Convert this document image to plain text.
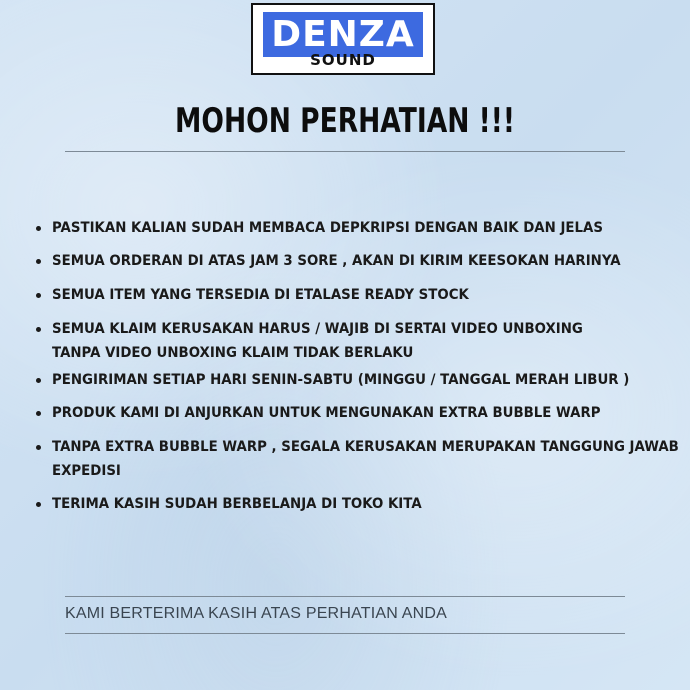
DENZA
SOUND
MOHON PERHATIAN !!!
PASTIKAN KALIAN SUDAH MEMBACA DEPKRIPSI DENGAN BAIK DAN JELAS
SEMUA ORDERAN DI ATAS JAM 3 SORE , AKAN DI KIRIM KEESOKAN HARINYA
SEMUA ITEM YANG TERSEDIA DI ETALASE READY STOCK
SEMUA KLAIM KERUSAKAN HARUS / WAJIB DI SERTAI VIDEO UNBOXING
TANPA VIDEO UNBOXING KLAIM TIDAK BERLAKU
PENGIRIMAN SETIAP HARI SENIN-SABTU (MINGGU / TANGGAL MERAH LIBUR )
PRODUK KAMI DI ANJURKAN UNTUK MENGUNAKAN EXTRA BUBBLE WARP
TANPA EXTRA BUBBLE WARP , SEGALA KERUSAKAN MERUPAKAN TANGGUNG JAWAB
EXPEDISI
TERIMA KASIH SUDAH BERBELANJA DI TOKO KITA
KAMI BERTERIMA KASIH ATAS PERHATIAN ANDA
